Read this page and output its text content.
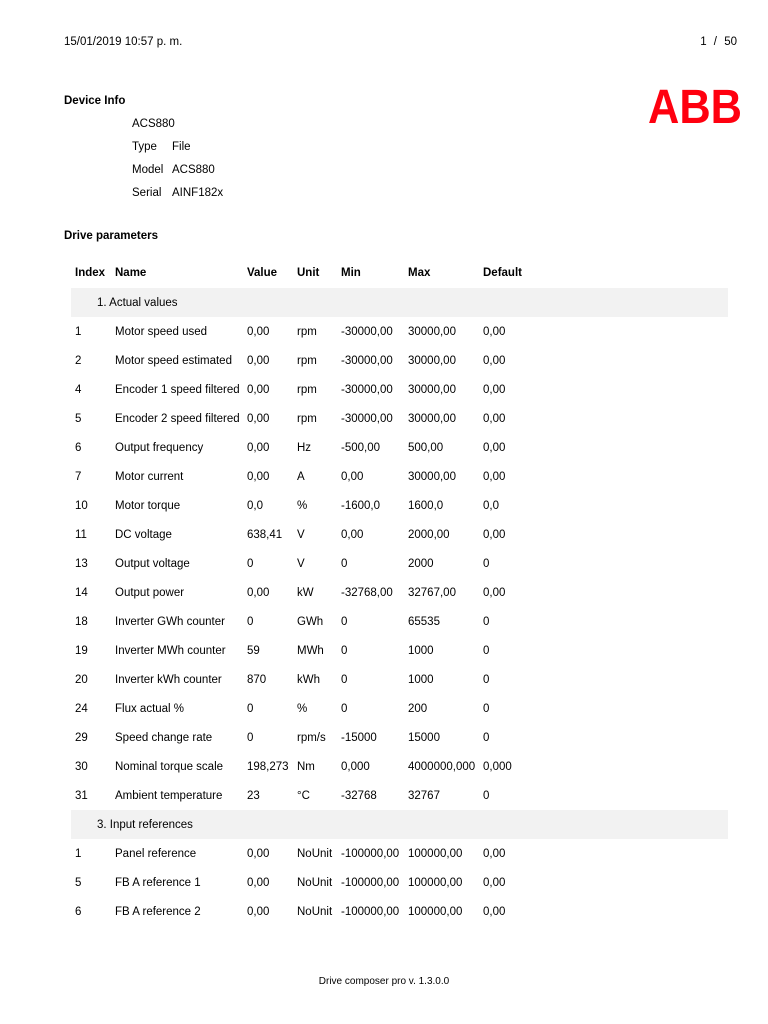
15/01/2019 10:57 p. m.	1 / 50
ABB
Device Info
ACS880
Type File
Model ACS880
Serial AINF182x
Drive parameters
Index	Name	Value	Unit	Min	Max	Default
1. Actual values						
1	Motor speed used	0,00	rpm	-30000,00	30000,00	0,00
2	Motor speed estimated	0,00	rpm	-30000,00	30000,00	0,00
4	Encoder 1 speed filtered	0,00	rpm	-30000,00	30000,00	0,00
5	Encoder 2 speed filtered	0,00	rpm	-30000,00	30000,00	0,00
6	Output frequency	0,00	Hz	-500,00	500,00	0,00
7	Motor current	0,00	A	0,00	30000,00	0,00
10	Motor torque	0,0	%	-1600,0	1600,0	0,0
11	DC voltage	638,41	V	0,00	2000,00	0,00
13	Output voltage	0	V	0	2000	0
14	Output power	0,00	kW	-32768,00	32767,00	0,00
18	Inverter GWh counter	0	GWh	0	65535	0
19	Inverter MWh counter	59	MWh	0	1000	0
20	Inverter kWh counter	870	kWh	0	1000	0
24	Flux actual %	0	%	0	200	0
29	Speed change rate	0	rpm/s	-15000	15000	0
30	Nominal torque scale	198,273	Nm	0,000	4000000,000	0,000
31	Ambient temperature	23	°C	-32768	32767	0
3. Input references						
1	Panel reference	0,00	NoUnit	-100000,00	100000,00	0,00
5	FB A reference 1	0,00	NoUnit	-100000,00	100000,00	0,00
6	FB A reference 2	0,00	NoUnit	-100000,00	100000,00	0,00
Drive composer pro v. 1.3.0.0
